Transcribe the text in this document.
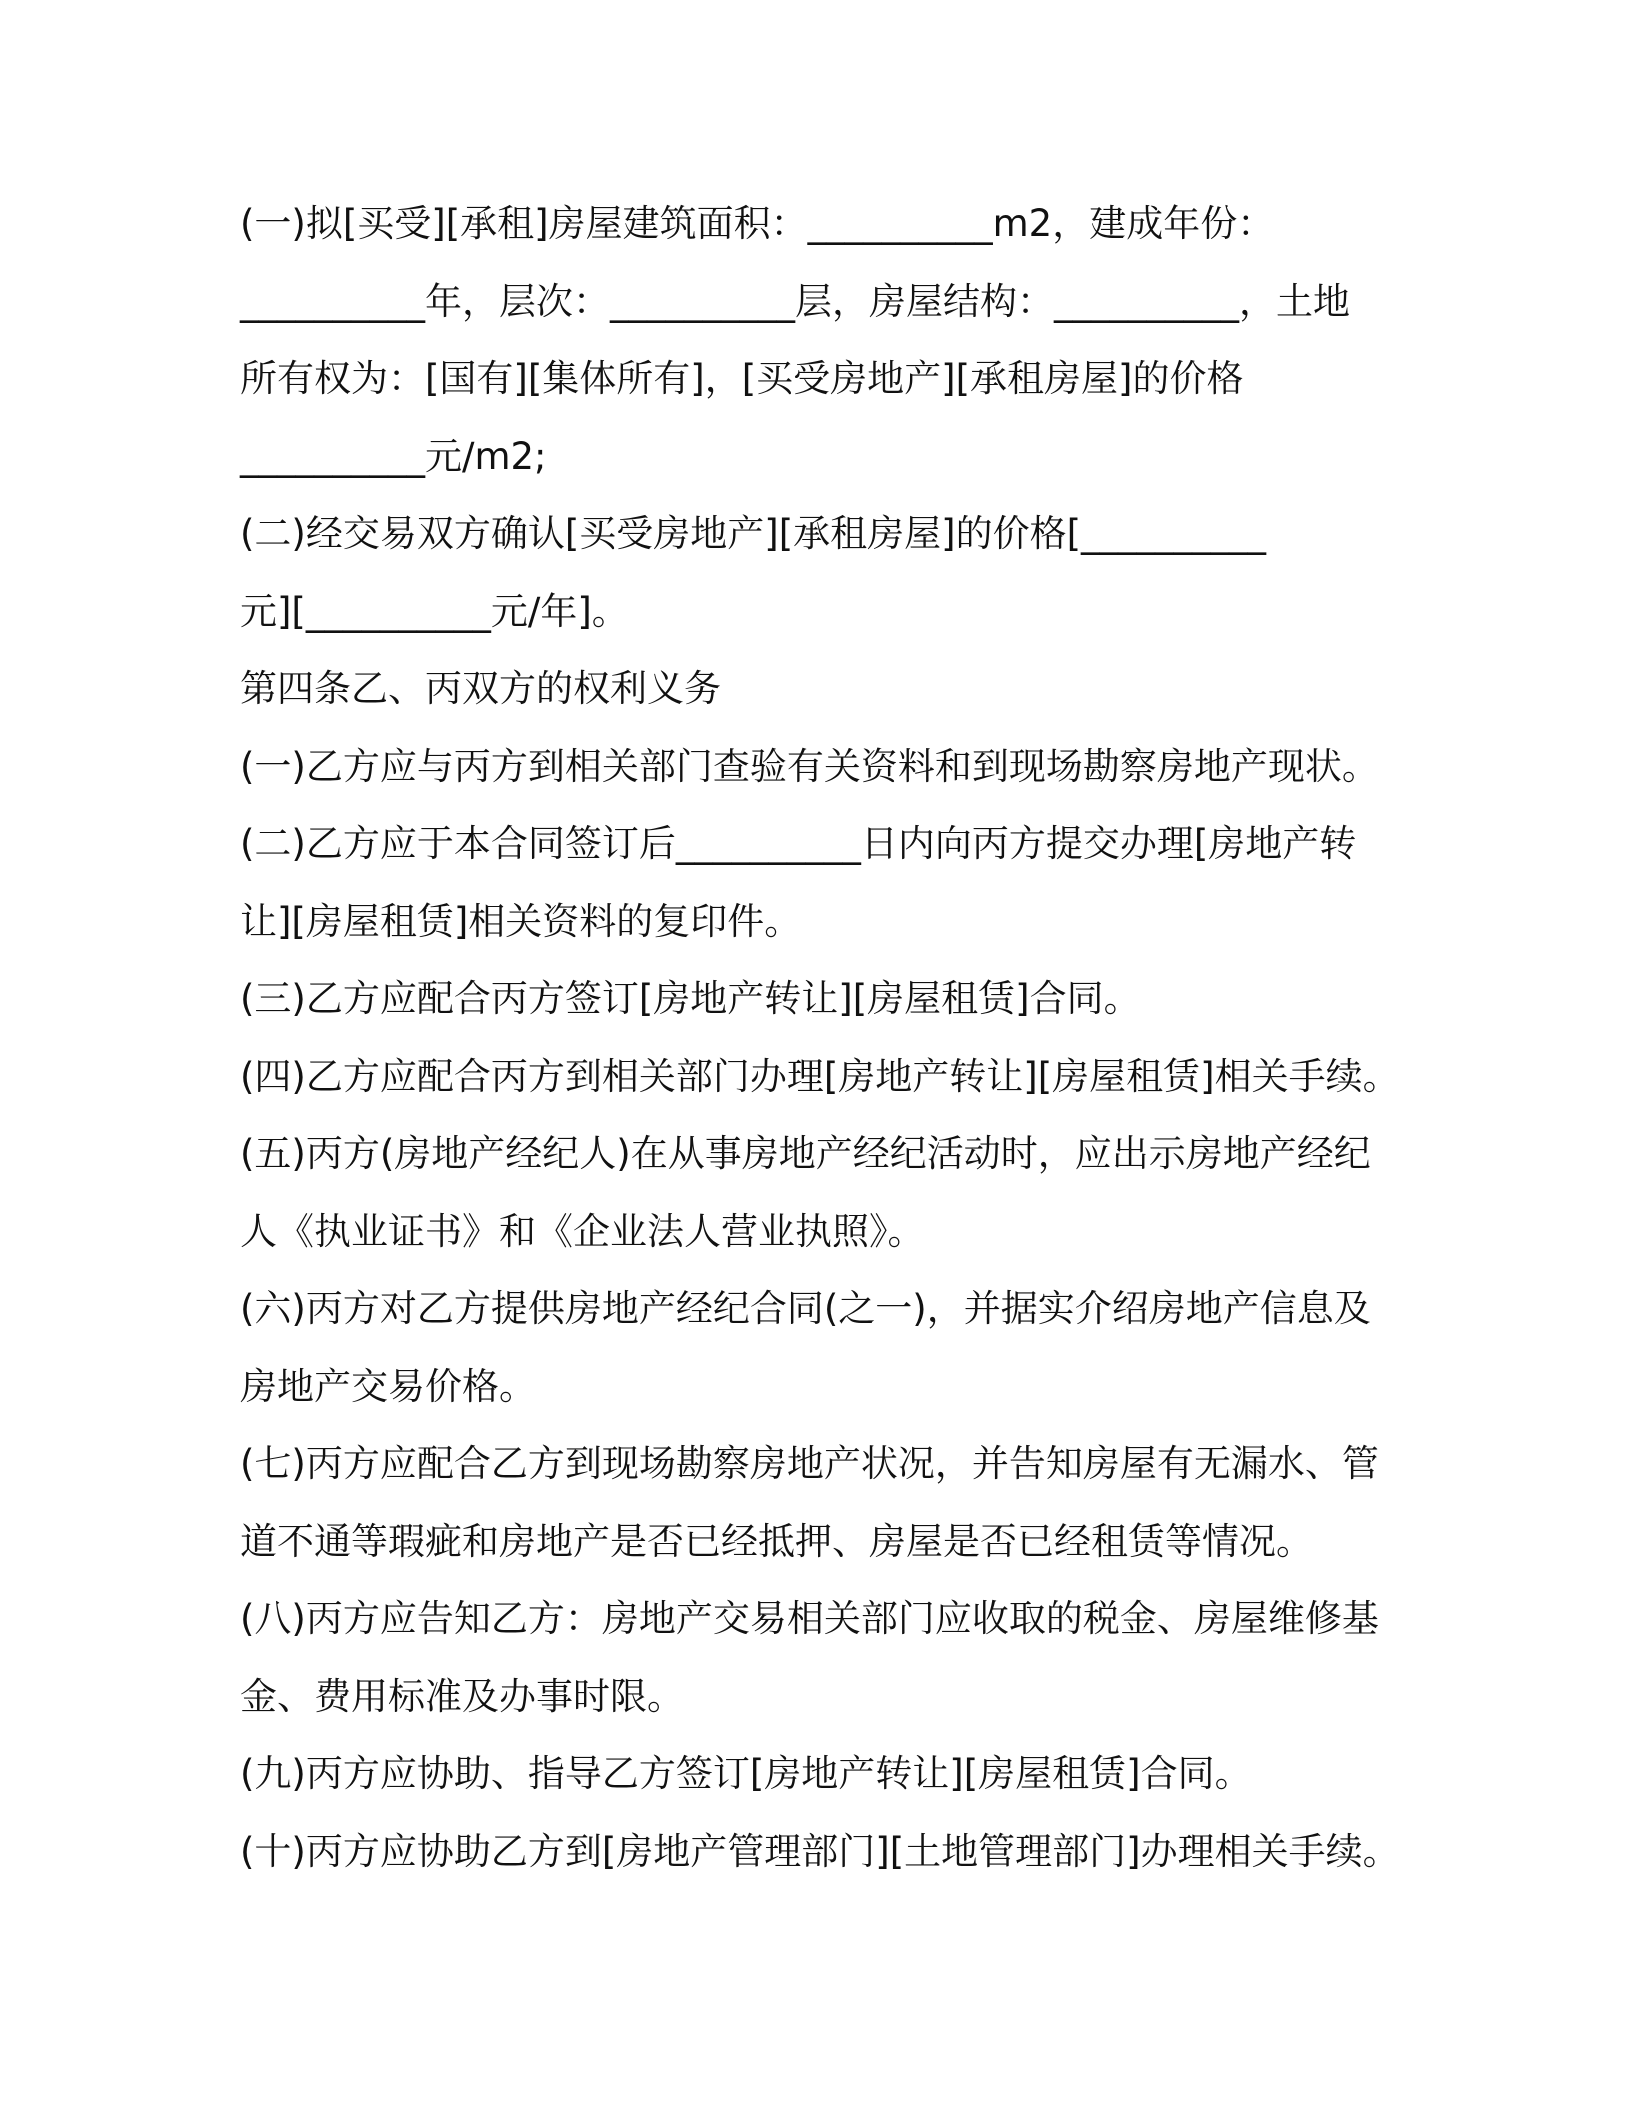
(一)拟[买受][承租]房屋建筑面积：__________m2，建成年份：
__________年，层次：__________层，房屋结构：__________，土地
所有权为：[国有][集体所有]，[买受房地产][承租房屋]的价格
__________元/m2;
(二)经交易双方确认[买受房地产][承租房屋]的价格[__________
元][__________元/年]。
第四条乙、丙双方的权利义务
(一)乙方应与丙方到相关部门查验有关资料和到现场勘察房地产现状。
(二)乙方应于本合同签订后__________日内向丙方提交办理[房地产转
让][房屋租赁]相关资料的复印件。
(三)乙方应配合丙方签订[房地产转让][房屋租赁]合同。
(四)乙方应配合丙方到相关部门办理[房地产转让][房屋租赁]相关手续。
(五)丙方(房地产经纪人)在从事房地产经纪活动时，应出示房地产经纪
人《执业证书》和《企业法人营业执照》。
(六)丙方对乙方提供房地产经纪合同(之一)，并据实介绍房地产信息及
房地产交易价格。
(七)丙方应配合乙方到现场勘察房地产状况，并告知房屋有无漏水、管
道不通等瑕疵和房地产是否已经抵押、房屋是否已经租赁等情况。
(八)丙方应告知乙方：房地产交易相关部门应收取的税金、房屋维修基
金、费用标准及办事时限。
(九)丙方应协助、指导乙方签订[房地产转让][房屋租赁]合同。
(十)丙方应协助乙方到[房地产管理部门][土地管理部门]办理相关手续。
